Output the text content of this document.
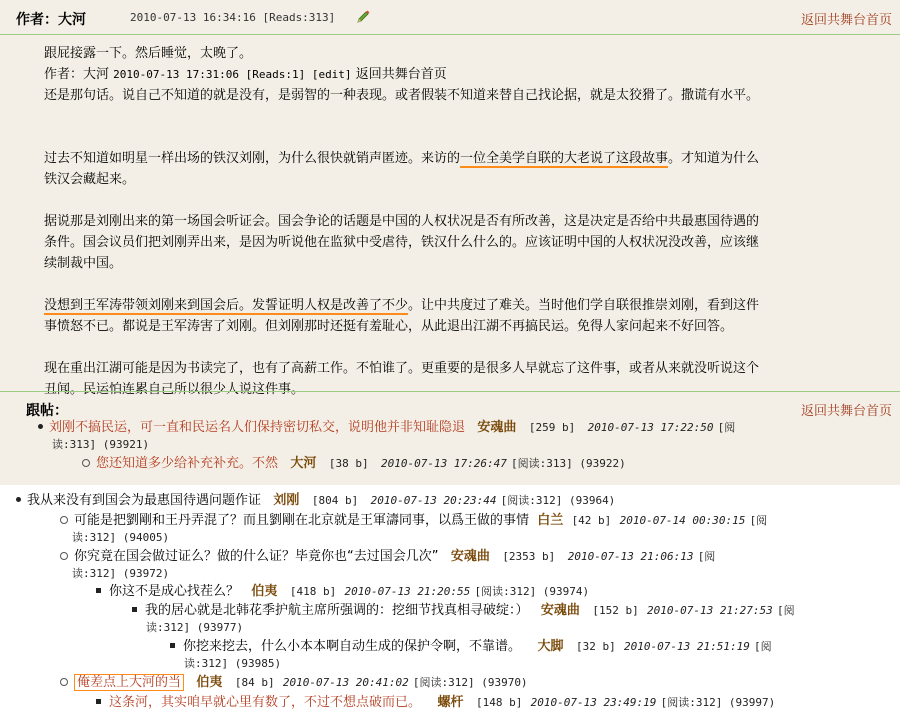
作者：大河	2010-07-13 16:34:16 [Reads:313]	返回共舞台首页

跟屁接露一下。然后睡觉，太晚了。

作者：大河 2010-07-13 17:31:06 [Reads:1] [edit] 返回共舞台首页

还是那句话。说自己不知道的就是没有，是弱智的一种表现。或者假装不知道来替自己找论据，就是太狡猾了。撒谎有水平。

过去不知道如明星一样出场的铁汉刘刚，为什么很快就销声匿迹。来访的一位全美学自联的大老说了这段故事。才知道为什么

铁汉会藏起来。

据说那是刘刚出来的第一场国会听证会。国会争论的话题是中国的人权状况是否有所改善，这是决定是否给中共最惠国待遇的

条件。国会议员们把刘刚弄出来，是因为听说他在监狱中受虐待，铁汉什么什么的。应该证明中国的人权状况没改善，应该继

续制裁中国。

没想到王军涛带领刘刚来到国会后。发誓证明人权是改善了不少。让中共度过了难关。当时他们学自联很推崇刘刚，看到这件

事愤怒不已。都说是王军涛害了刘刚。但刘刚那时还挺有羞耻心，从此退出江湖不再搞民运。免得人家问起来不好回答。

现在重出江湖可能是因为书读完了，也有了高薪工作。不怕谁了。更重要的是很多人早就忘了这件事，或者从来就没听说这个

丑闻。民运怕连累自己所以很少人说这件事。

跟帖：	返回共舞台首页
刘刚不搞民运，可一直和民运名人们保持密切私交，说明他并非知耻隐退 安魂曲 [259 b] 2010-07-13 17:22:50 [阅
读:313] (93921)
您还知道多少给补充补充。不然 大河 [38 b] 2010-07-13 17:26:47 [阅读:313] (93922)
我从来没有到国会为最惠国待遇问题作证 刘刚 [804 b] 2010-07-13 20:23:44 [阅读:312] (93964)
可能是把劉剛和王丹弄混了？而且劉剛在北京就是王軍濤同事，以爲王做的事情 白兰 [42 b] 2010-07-14 00:30:15 [阅
读:312] (94005)
你究竟在国会做过证么？做的什么证？毕竟你也“去过国会几次” 安魂曲 [2353 b] 2010-07-13 21:06:13 [阅
读:312] (93972)
你这不是成心找茬么？ 伯夷 [418 b] 2010-07-13 21:20:55 [阅读:312] (93974)
我的居心就是北韩花季护航主席所强调的：挖细节找真相寻破绽：） 安魂曲 [152 b] 2010-07-13 21:27:53 [阅
读:312] (93977)
你挖来挖去，什么小本本啊自动生成的保护令啊，不靠谱。 大脚 [32 b] 2010-07-13 21:51:19 [阅
读:312] (93985)
俺差点上大河的当 伯夷 [84 b] 2010-07-13 20:41:02 [阅读:312] (93970)
这条河，其实咱早就心里有数了，不过不想点破而已。 螺杆 [148 b] 2010-07-13 23:49:19 [阅读:312] (93997)
